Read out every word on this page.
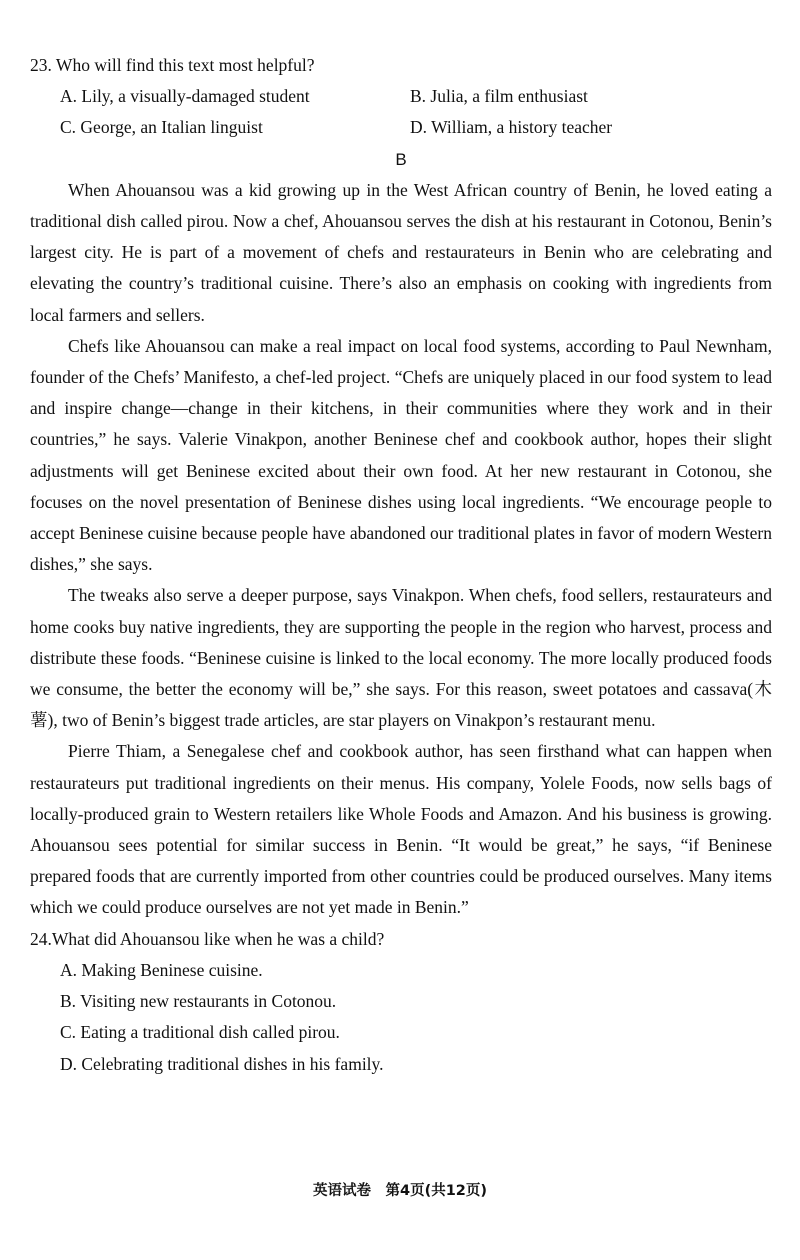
23. Who will find this text most helpful?
A. Lily, a visually-damaged student	B. Julia, a film enthusiast
C. George, an Italian linguist	D. William, a history teacher
B

When Ahouansou was a kid growing up in the West African country of Benin, he loved eating a traditional dish called pirou. Now a chef, Ahouansou serves the dish at his restaurant in Cotonou, Benin’s largest city. He is part of a movement of chefs and restaurateurs in Benin who are celebrating and elevating the country’s traditional cuisine. There’s also an emphasis on cooking with ingredients from local farmers and sellers.

Chefs like Ahouansou can make a real impact on local food systems, according to Paul Newnham, founder of the Chefs’ Manifesto, a chef-led project. “Chefs are uniquely placed in our food system to lead and inspire change—change in their kitchens, in their communities where they work and in their countries,” he says. Valerie Vinakpon, another Beninese chef and cookbook author, hopes their slight adjustments will get Beninese excited about their own food. At her new restaurant in Cotonou, she focuses on the novel presentation of Beninese dishes using local ingredients. “We encourage people to accept Beninese cuisine because people have abandoned our traditional plates in favor of modern Western dishes,” she says.

The tweaks also serve a deeper purpose, says Vinakpon. When chefs, food sellers, restaurateurs and home cooks buy native ingredients, they are supporting the people in the region who harvest, process and distribute these foods. “Beninese cuisine is linked to the local economy. The more locally produced foods we consume, the better the economy will be,” she says. For this reason, sweet potatoes and cassava(木薯), two of Benin’s biggest trade articles, are star players on Vinakpon’s restaurant menu.

Pierre Thiam, a Senegalese chef and cookbook author, has seen firsthand what can happen when restaurateurs put traditional ingredients on their menus. His company, Yolele Foods, now sells bags of locally-produced grain to Western retailers like Whole Foods and Amazon. And his business is growing. Ahouansou sees potential for similar success in Benin. “It would be great,” he says, “if Beninese prepared foods that are currently imported from other countries could be produced ourselves. Many items which we could produce ourselves are not yet made in Benin.”

24.What did Ahouansou like when he was a child?
A. Making Beninese cuisine.
B. Visiting new restaurants in Cotonou.
C. Eating a traditional dish called pirou.
D. Celebrating traditional dishes in his family.
英语试卷　第4页(共12页)
